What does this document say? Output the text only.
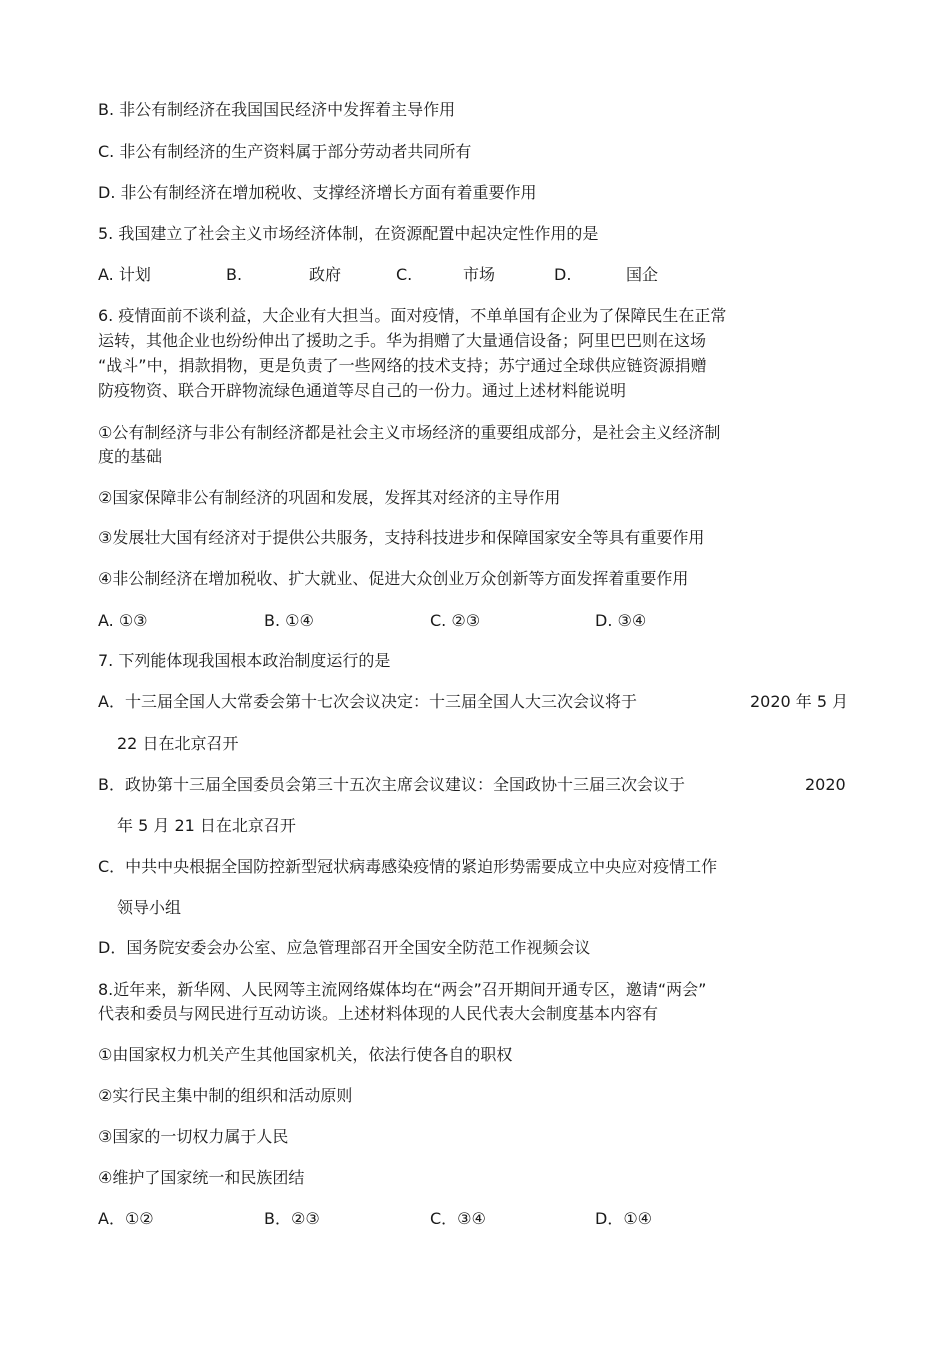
B. 非公有制经济在我国国民经济中发挥着主导作用
C. 非公有制经济的生产资料属于部分劳动者共同所有
D. 非公有制经济在增加税收、支撑经济增长方面有着重要作用
5. 我国建立了社会主义市场经济体制，在资源配置中起决定性作用的是
A. 计划	B.	政府	C.	市场	D.	国企
6. 疫情面前不谈利益，大企业有大担当。面对疫情，不单单国有企业为了保障民生在正常
运转，其他企业也纷纷伸出了援助之手。华为捐赠了大量通信设备；阿里巴巴则在这场
“战斗”中，捐款捐物，更是负责了一些网络的技术支持；苏宁通过全球供应链资源捐赠
防疫物资、联合开辟物流绿色通道等尽自己的一份力。通过上述材料能说明
①公有制经济与非公有制经济都是社会主义市场经济的重要组成部分，是社会主义经济制
度的基础
②国家保障非公有制经济的巩固和发展，发挥其对经济的主导作用
③发展壮大国有经济对于提供公共服务，支持科技进步和保障国家安全等具有重要作用
④非公制经济在增加税收、扩大就业、促进大众创业万众创新等方面发挥着重要作用
A. ①③	B. ①④	C. ②③	D. ③④
7. 下列能体现我国根本政治制度运行的是
A．十三届全国人大常委会第十七次会议决定：十三届全国人大三次会议将于	2020 年 5 月
22 日在北京召开
B．政协第十三届全国委员会第三十五次主席会议建议：全国政协十三届三次会议于	2020
年 5 月 21 日在北京召开
C．中共中央根据全国防控新型冠状病毒感染疫情的紧迫形势需要成立中央应对疫情工作
领导小组
D．国务院安委会办公室、应急管理部召开全国安全防范工作视频会议
8.近年来，新华网、人民网等主流网络媒体均在“两会”召开期间开通专区，邀请“两会”
代表和委员与网民进行互动访谈。上述材料体现的人民代表大会制度基本内容有
①由国家权力机关产生其他国家机关，依法行使各自的职权
②实行民主集中制的组织和活动原则
③国家的一切权力属于人民
④维护了国家统一和民族团结
A．①②	B．②③	C．③④	D．①④
